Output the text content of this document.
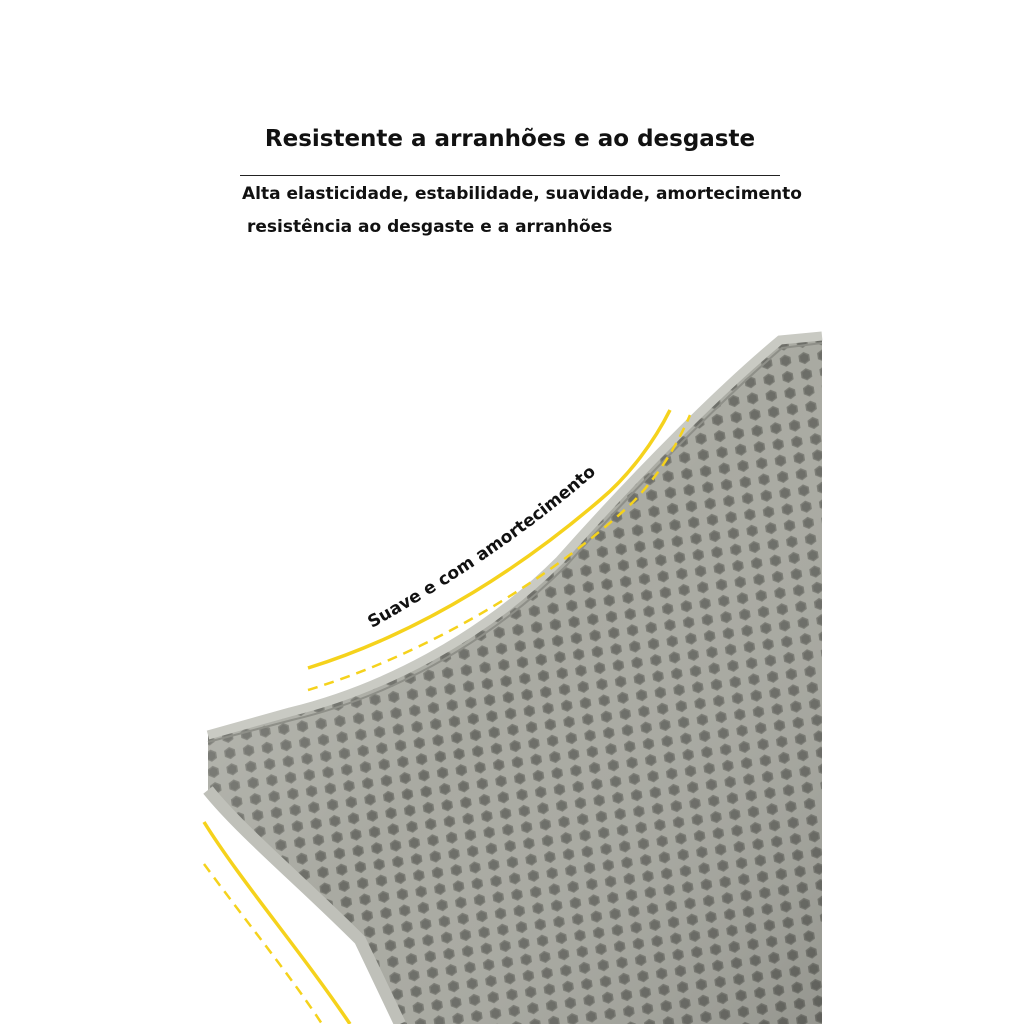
Resistente a arranhões e ao desgaste
Alta elasticidade, estabilidade, suavidade, amortecimento
resistência ao desgaste e a arranhões
Suave e com amortecimento
